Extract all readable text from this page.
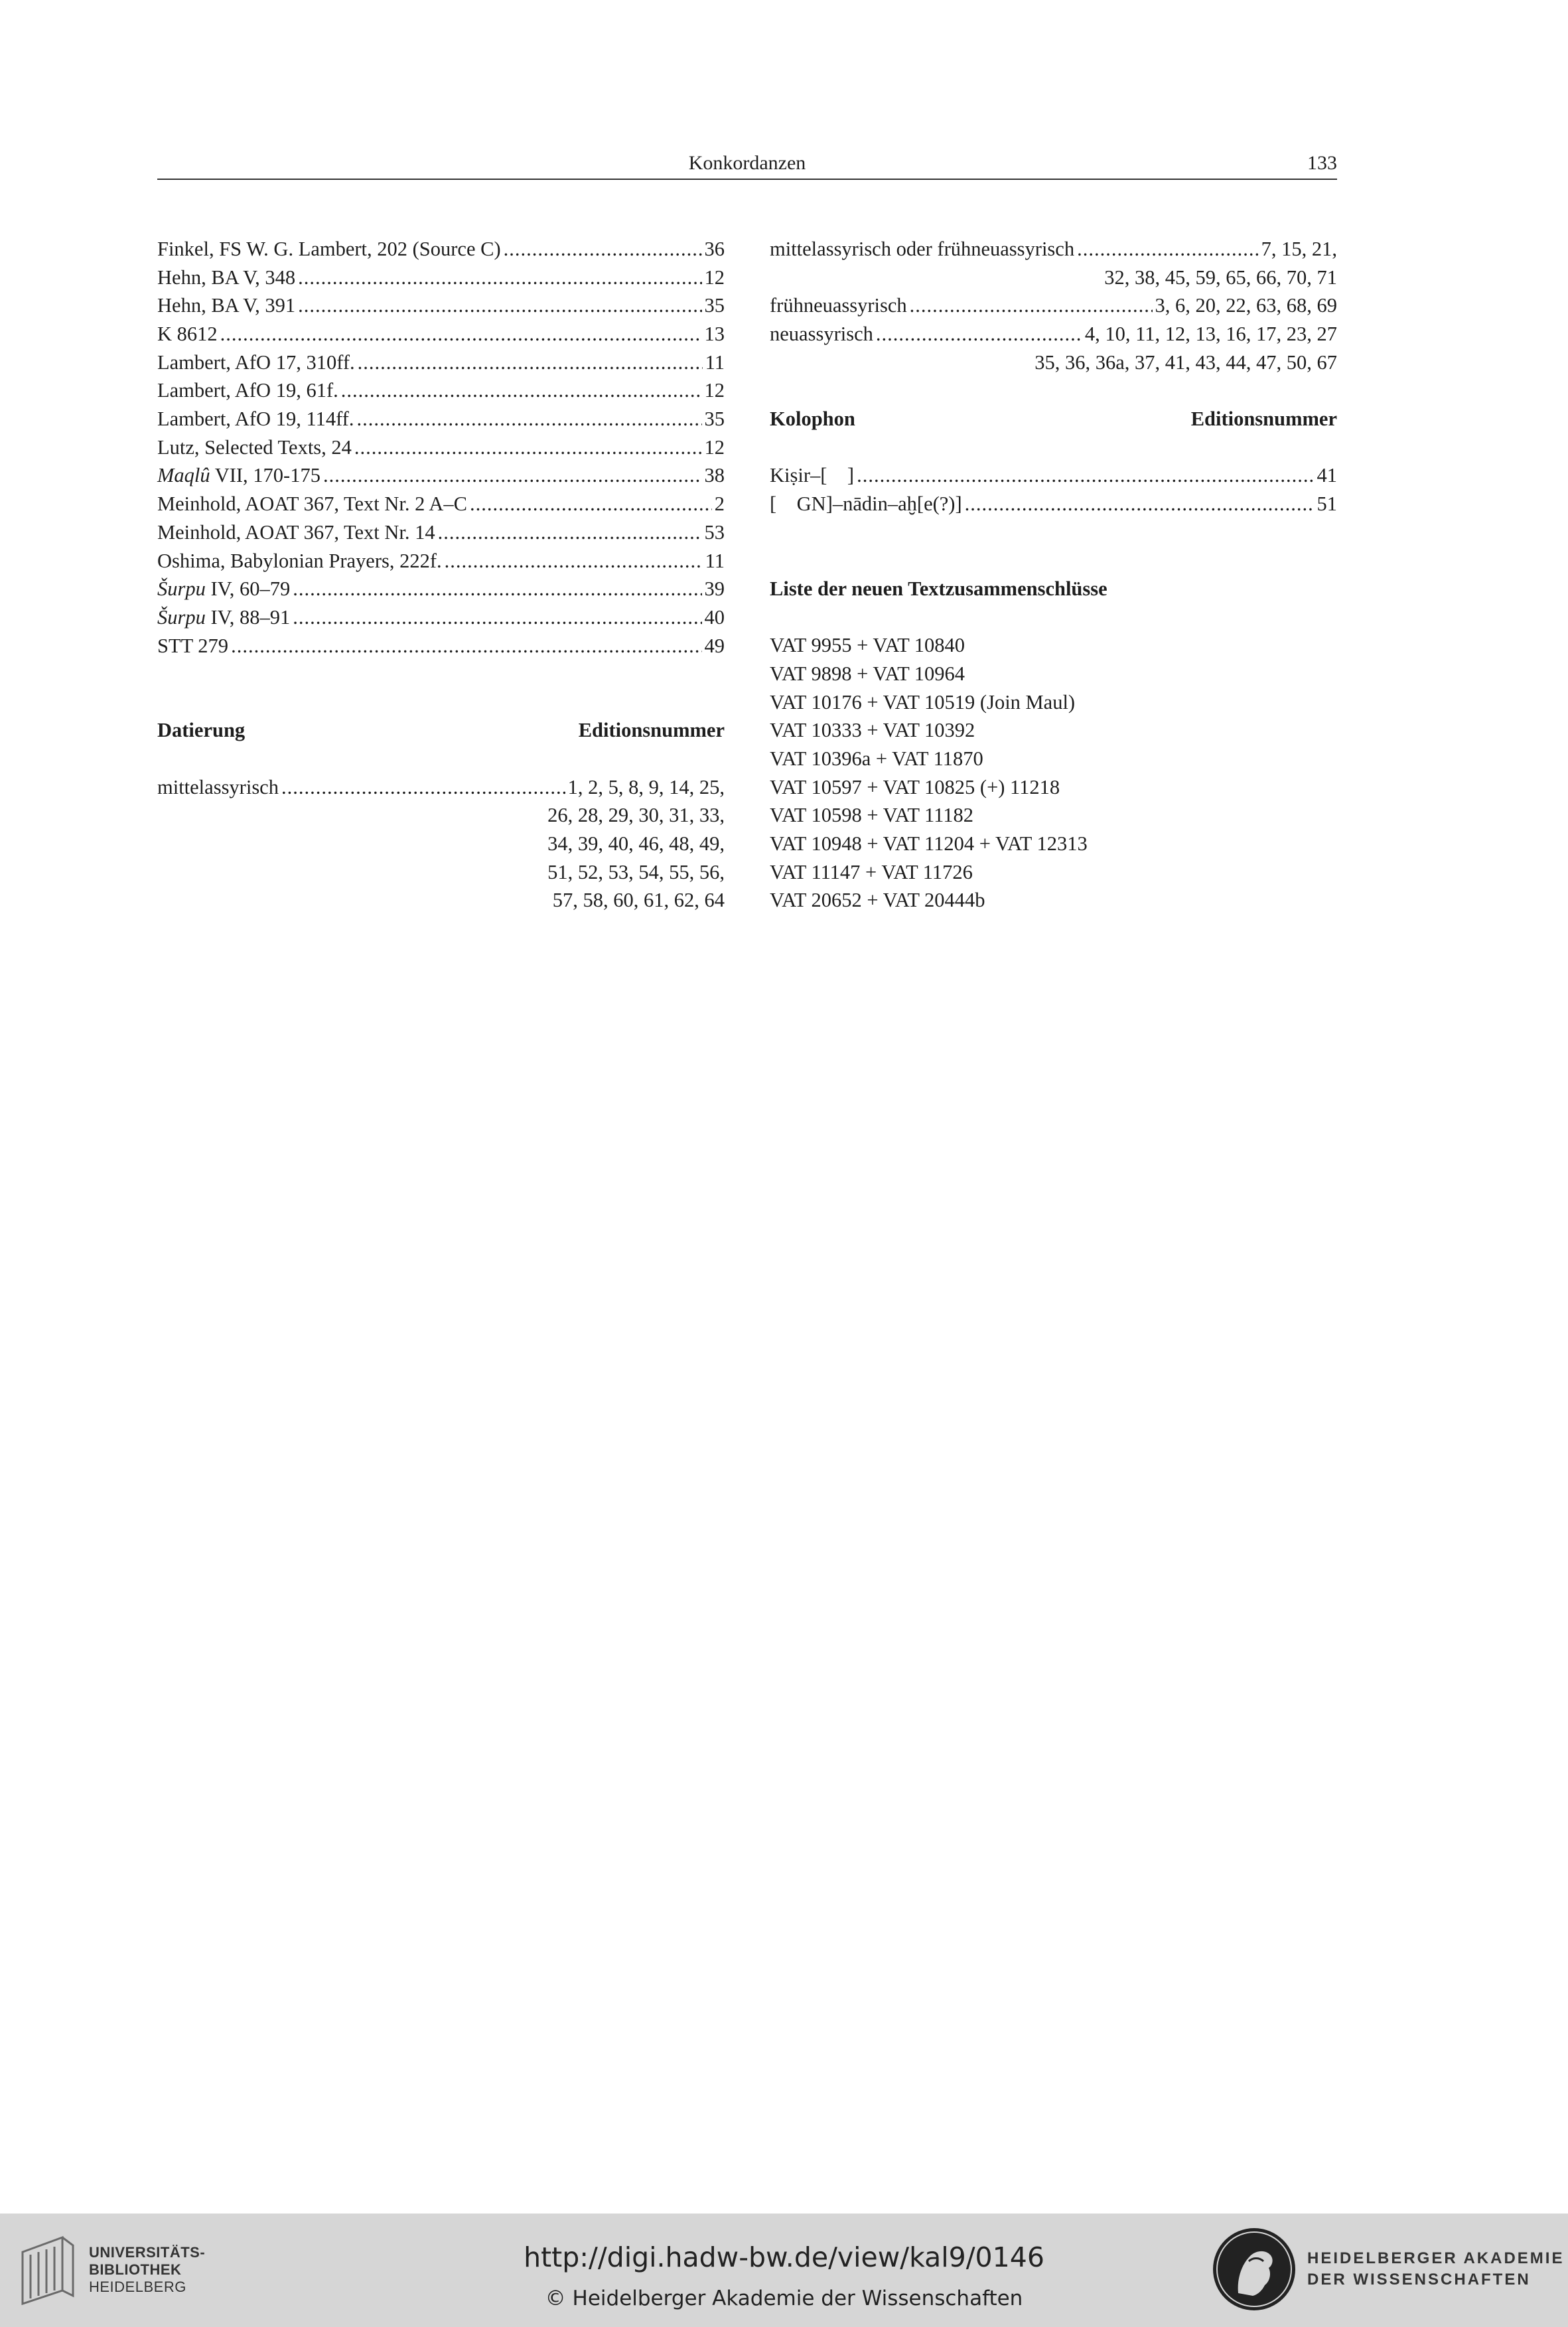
Konkordanzen	133
Finkel, FS W. G. Lambert, 202 (Source C) .....	36
Hehn, BA V, 348 .....	12
Hehn, BA V, 391 .....	35
K 8612 .....	13
Lambert, AfO 17, 310ff. .....	11
Lambert, AfO 19, 61f. .....	12
Lambert, AfO 19, 114ff. .....	35
Lutz, Selected Texts, 24 .....	12
Maqlû VII, 170-175 .....	38
Meinhold, AOAT 367, Text Nr. 2 A–C .....	2
Meinhold, AOAT 367, Text Nr. 14 .....	53
Oshima, Babylonian Prayers, 222f. .....	11
Šurpu IV, 60–79 .....	39
Šurpu IV, 88–91 .....	40
STT 279 .....	49
Datierung	Editionsnummer
mittelassyrisch .....	1, 2, 5, 8, 9, 14, 25,
26, 28, 29, 30, 31, 33,
34, 39, 40, 46, 48, 49,
51, 52, 53, 54, 55, 56,
57, 58, 60, 61, 62, 64
mittelassyrisch oder frühneuassyrisch .....	7, 15, 21,
32, 38, 45, 59, 65, 66, 70, 71
frühneuassyrisch .....	3, 6, 20, 22, 63, 68, 69
neuassyrisch .....	4, 10, 11, 12, 13, 16, 17, 23, 27
35, 36, 36a, 37, 41, 43, 44, 47, 50, 67
Kolophon	Editionsnummer
Kiṣir–[    ] .....	41
[    GN]–nādin–aḫ[e(?)] .....	51
Liste der neuen Textzusammenschlüsse
VAT 9955 + VAT 10840
VAT 9898 + VAT 10964
VAT 10176 + VAT 10519 (Join Maul)
VAT 10333 + VAT 10392
VAT 10396a + VAT 11870
VAT 10597 + VAT 10825 (+) 11218
VAT 10598 + VAT 11182
VAT 10948 + VAT 11204 + VAT 12313
VAT 11147 + VAT 11726
VAT 20652 + VAT 20444b
UNIVERSITÄTS-
BIBLIOTHEK
HEIDELBERG
http://digi.hadw-bw.de/view/kal9/0146
© Heidelberger Akademie der Wissenschaften
HEIDELBERGER AKADEMIE
DER WISSENSCHAFTEN
